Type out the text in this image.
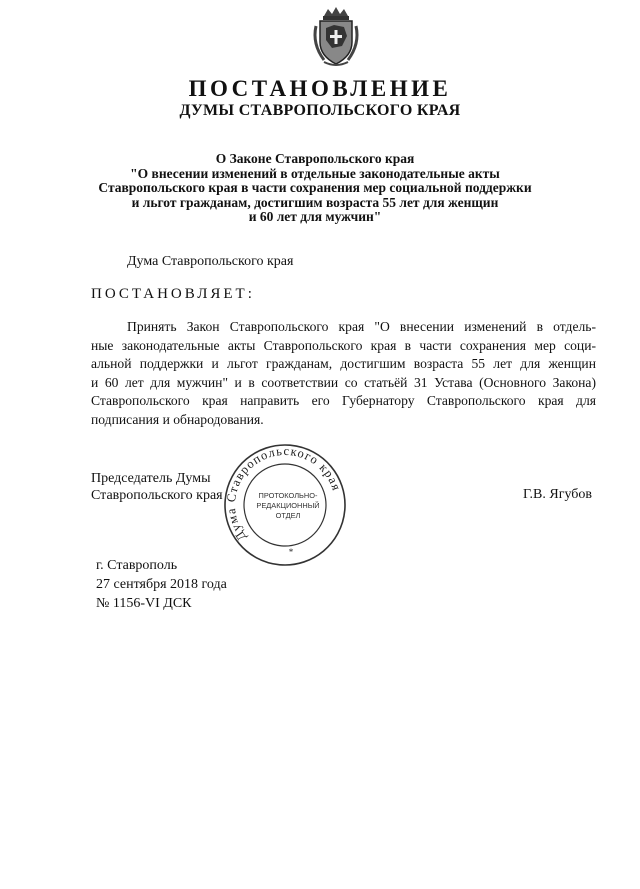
ПОСТАНОВЛЕНИЕ
ДУМЫ СТАВРОПОЛЬСКОГО КРАЯ
О Законе Ставропольского края
"О внесении изменений в отдельные законодательные акты
Ставропольского края в части сохранения мер социальной поддержки
и льгот гражданам, достигшим возраста 55 лет для женщин
и 60 лет для мужчин"
Дума Ставропольского края
ПОСТАНОВЛЯЕТ:
Принять Закон Ставропольского края "О внесении изменений в отдель-
ные законодательные акты Ставропольского края в части сохранения мер соци-
альной поддержки и льгот гражданам, достигшим возраста 55 лет для женщин
и 60 лет для мужчин" и в соответствии со статьёй 31 Устава (Основного Закона)
Ставропольского края направить его Губернатору Ставропольского края для
подписания и обнародования.
Председатель Думы
Ставропольского края	Г.В. Ягубов
Дума Ставропольского края
*
ПРОТОКОЛЬНО-
РЕДАКЦИОННЫЙ
ОТДЕЛ
г. Ставрополь
27 сентября 2018 года
№ 1156-VI ДСК
